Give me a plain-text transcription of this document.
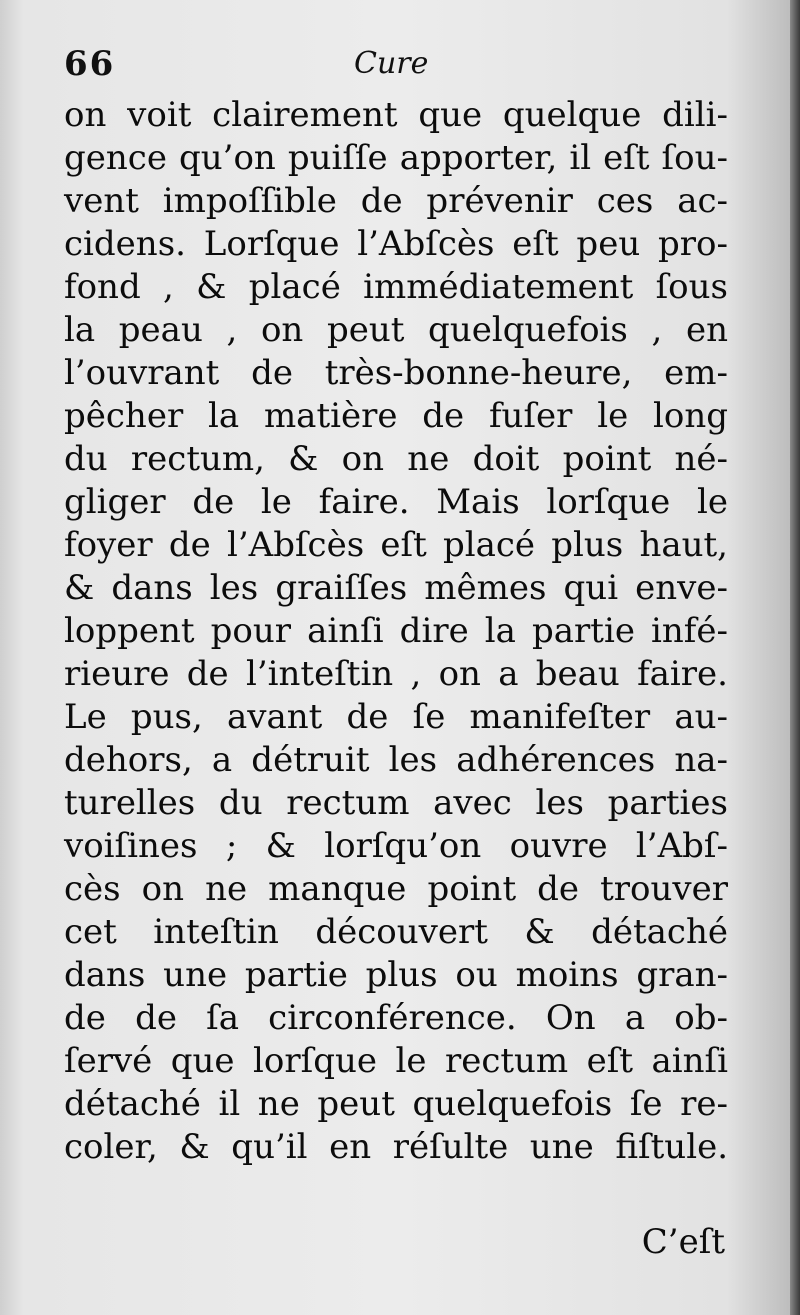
66	Cure
on voit clairement que quelque dili-
gence qu’on puiſſe apporter, il eſt ſou-
vent impoſſible de prévenir ces ac-
cidens. Lorſque l’Abſcès eſt peu pro-
fond , & placé immédiatement ſous
la peau , on peut quelquefois , en
l’ouvrant de très-bonne-heure, em-
pêcher la matière de fuſer le long
du rectum, & on ne doit point né-
gliger de le faire. Mais lorſque le
foyer de l’Abſcès eſt placé plus haut,
& dans les graiſſes mêmes qui enve-
loppent pour ainſi dire la partie infé-
rieure de l’inteſtin , on a beau faire.
Le pus, avant de ſe manifeſter au-
dehors, a détruit les adhérences na-
turelles du rectum avec les parties
voiſines ; & lorſqu’on ouvre l’Abſ-
cès on ne manque point de trouver
cet inteſtin découvert & détaché
dans une partie plus ou moins gran-
de de ſa circonférence. On a ob-
ſervé que lorſque le rectum eſt ainſi
détaché il ne peut quelquefois ſe re-
coler, & qu’il en réſulte une fiſtule.
C’eſt
